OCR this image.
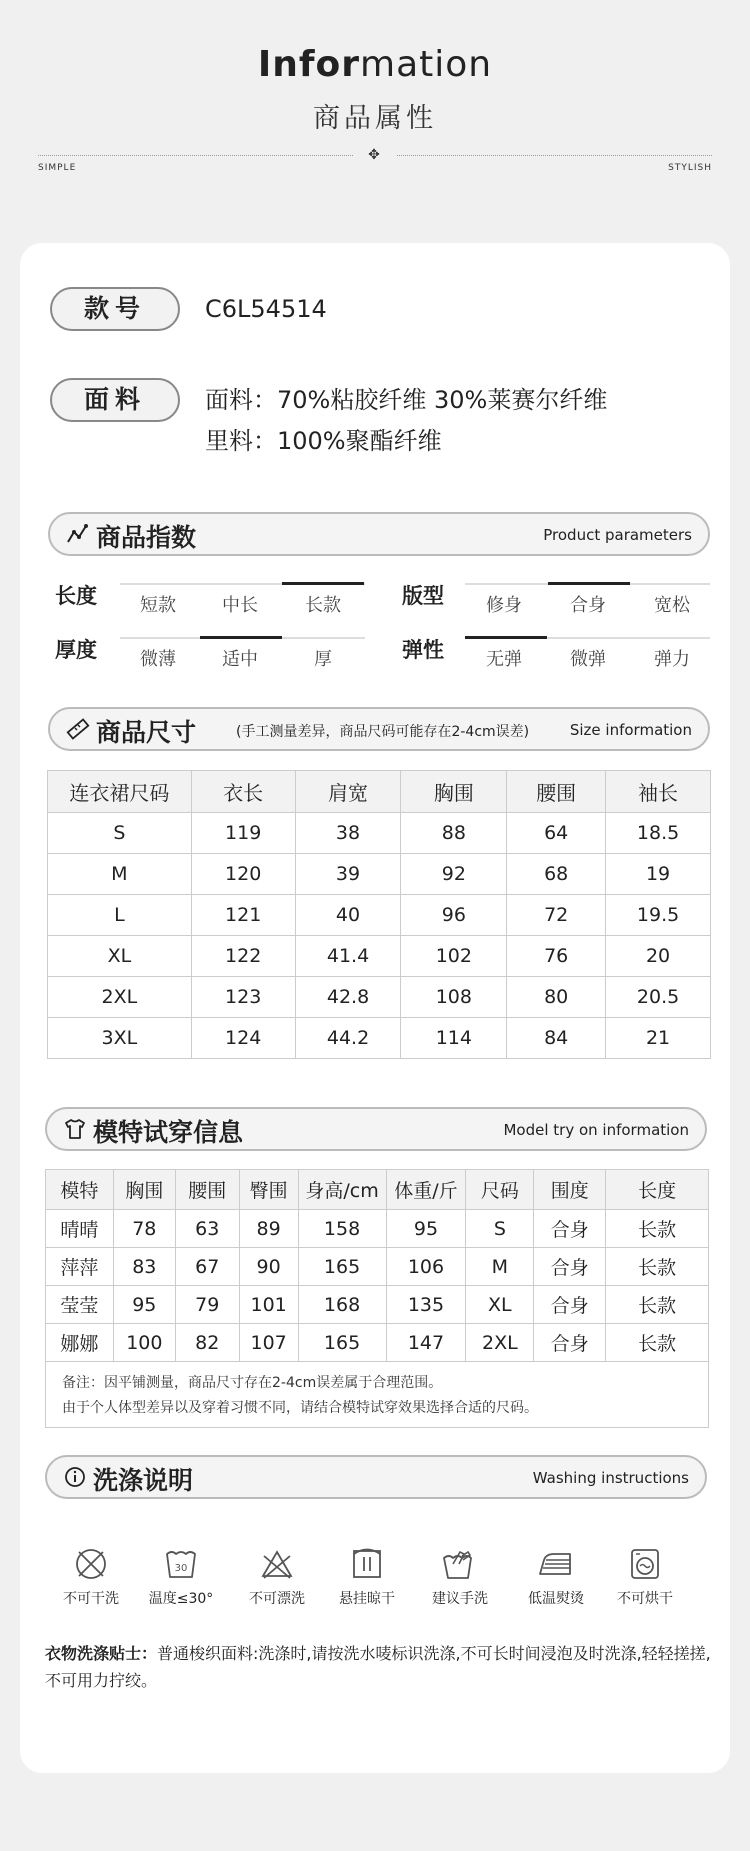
Information
商品属性
✥
SIMPLE	STYLISH
款号	C6L54514
面料	面料：70%粘胶纤维 30%莱赛尔纤维
里料：100%聚酯纤维
商品指数	Product parameters
长度	短款	中长	长款	版型	修身	合身	宽松
厚度	微薄	适中	厚	弹性	无弹	微弹	弹力
商品尺寸	(手工测量差异，商品尺码可能存在2-4cm误差)	Size information
连衣裙尺码	衣长	肩宽	胸围	腰围	袖长
S	119	38	88	64	18.5
M	120	39	92	68	19
L	121	40	96	72	19.5
XL	122	41.4	102	76	20
2XL	123	42.8	108	80	20.5
3XL	124	44.2	114	84	21
模特试穿信息	Model try on information
模特	胸围	腰围	臀围	身高/cm	体重/斤	尺码	围度	长度
晴晴	78	63	89	158	95	S	合身	长款
萍萍	83	67	90	165	106	M	合身	长款
莹莹	95	79	101	168	135	XL	合身	长款
娜娜	100	82	107	165	147	2XL	合身	长款
备注：因平铺测量，商品尺寸存在2-4cm误差属于合理范围。
由于个人体型差异以及穿着习惯不同，请结合模特试穿效果选择合适的尺码。
洗涤说明	Washing instructions
不可干洗
30
温度≤30°	不可漂洗	悬挂晾干	建议手洗	低温熨烫	不可烘干
衣物洗涤贴士：普通梭织面料:洗涤时,请按洗水唛标识洗涤,不可长时间浸泡及时洗涤,轻轻搓搓,不可用力拧绞。
